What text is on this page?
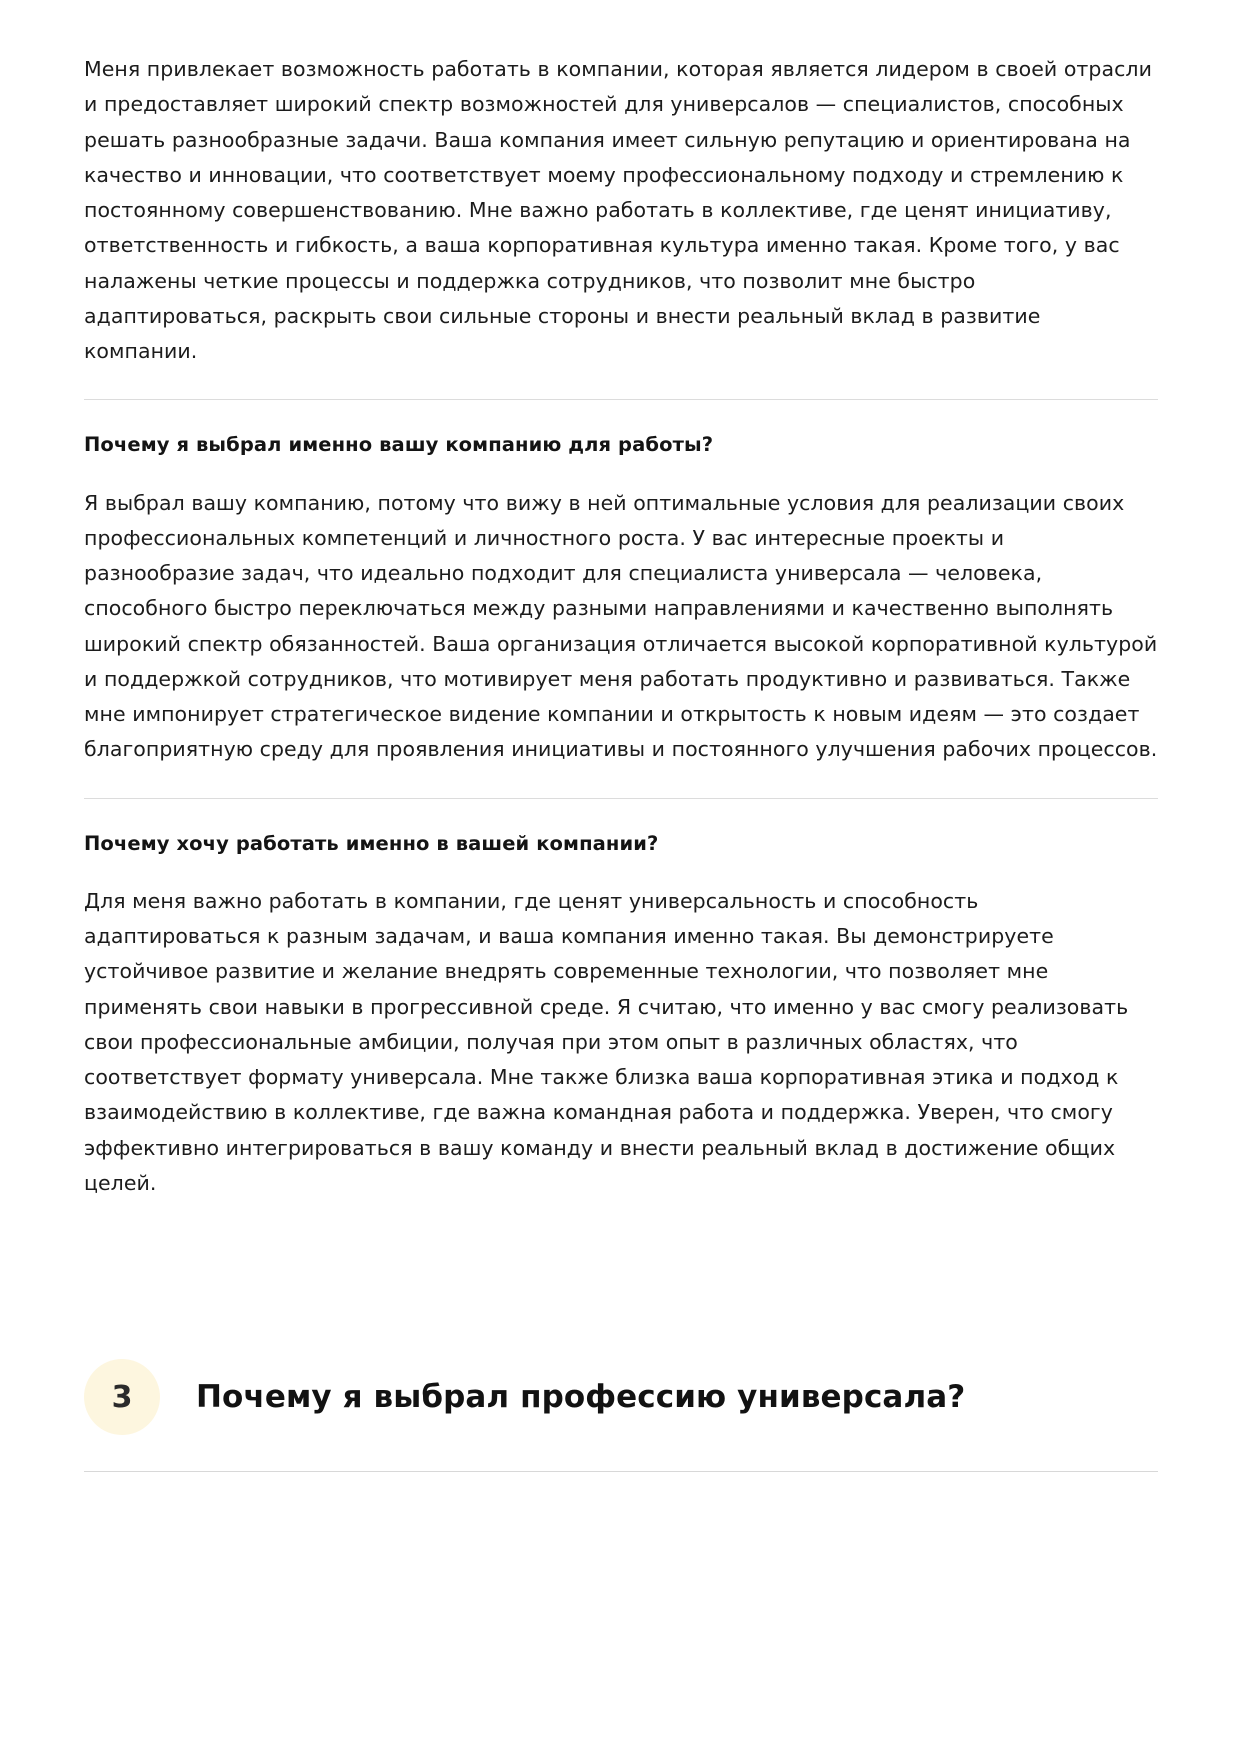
Меня привлекает возможность работать в компании, которая является лидером в своей отрасли и предоставляет широкий спектр возможностей для универсалов — специалистов, способных решать разнообразные задачи. Ваша компания имеет сильную репутацию и ориентирована на качество и инновации, что соответствует моему профессиональному подходу и стремлению к постоянному совершенствованию. Мне важно работать в коллективе, где ценят инициативу, ответственность и гибкость, а ваша корпоративная культура именно такая. Кроме того, у вас налажены четкие процессы и поддержка сотрудников, что позволит мне быстро адаптироваться, раскрыть свои сильные стороны и внести реальный вклад в развитие компании.

Почему я выбрал именно вашу компанию для работы?

Я выбрал вашу компанию, потому что вижу в ней оптимальные условия для реализации своих профессиональных компетенций и личностного роста. У вас интересные проекты и разнообразие задач, что идеально подходит для специалиста универсала — человека, способного быстро переключаться между разными направлениями и качественно выполнять широкий спектр обязанностей. Ваша организация отличается высокой корпоративной культурой и поддержкой сотрудников, что мотивирует меня работать продуктивно и развиваться. Также мне импонирует стратегическое видение компании и открытость к новым идеям — это создает благоприятную среду для проявления инициативы и постоянного улучшения рабочих процессов.

Почему хочу работать именно в вашей компании?

Для меня важно работать в компании, где ценят универсальность и способность адаптироваться к разным задачам, и ваша компания именно такая. Вы демонстрируете устойчивое развитие и желание внедрять современные технологии, что позволяет мне применять свои навыки в прогрессивной среде. Я считаю, что именно у вас смогу реализовать свои профессиональные амбиции, получая при этом опыт в различных областях, что соответствует формату универсала. Мне также близка ваша корпоративная этика и подход к взаимодействию в коллективе, где важна командная работа и поддержка. Уверен, что смогу эффективно интегрироваться в вашу команду и внести реальный вклад в достижение общих целей.

3	Почему я выбрал профессию универсала?
